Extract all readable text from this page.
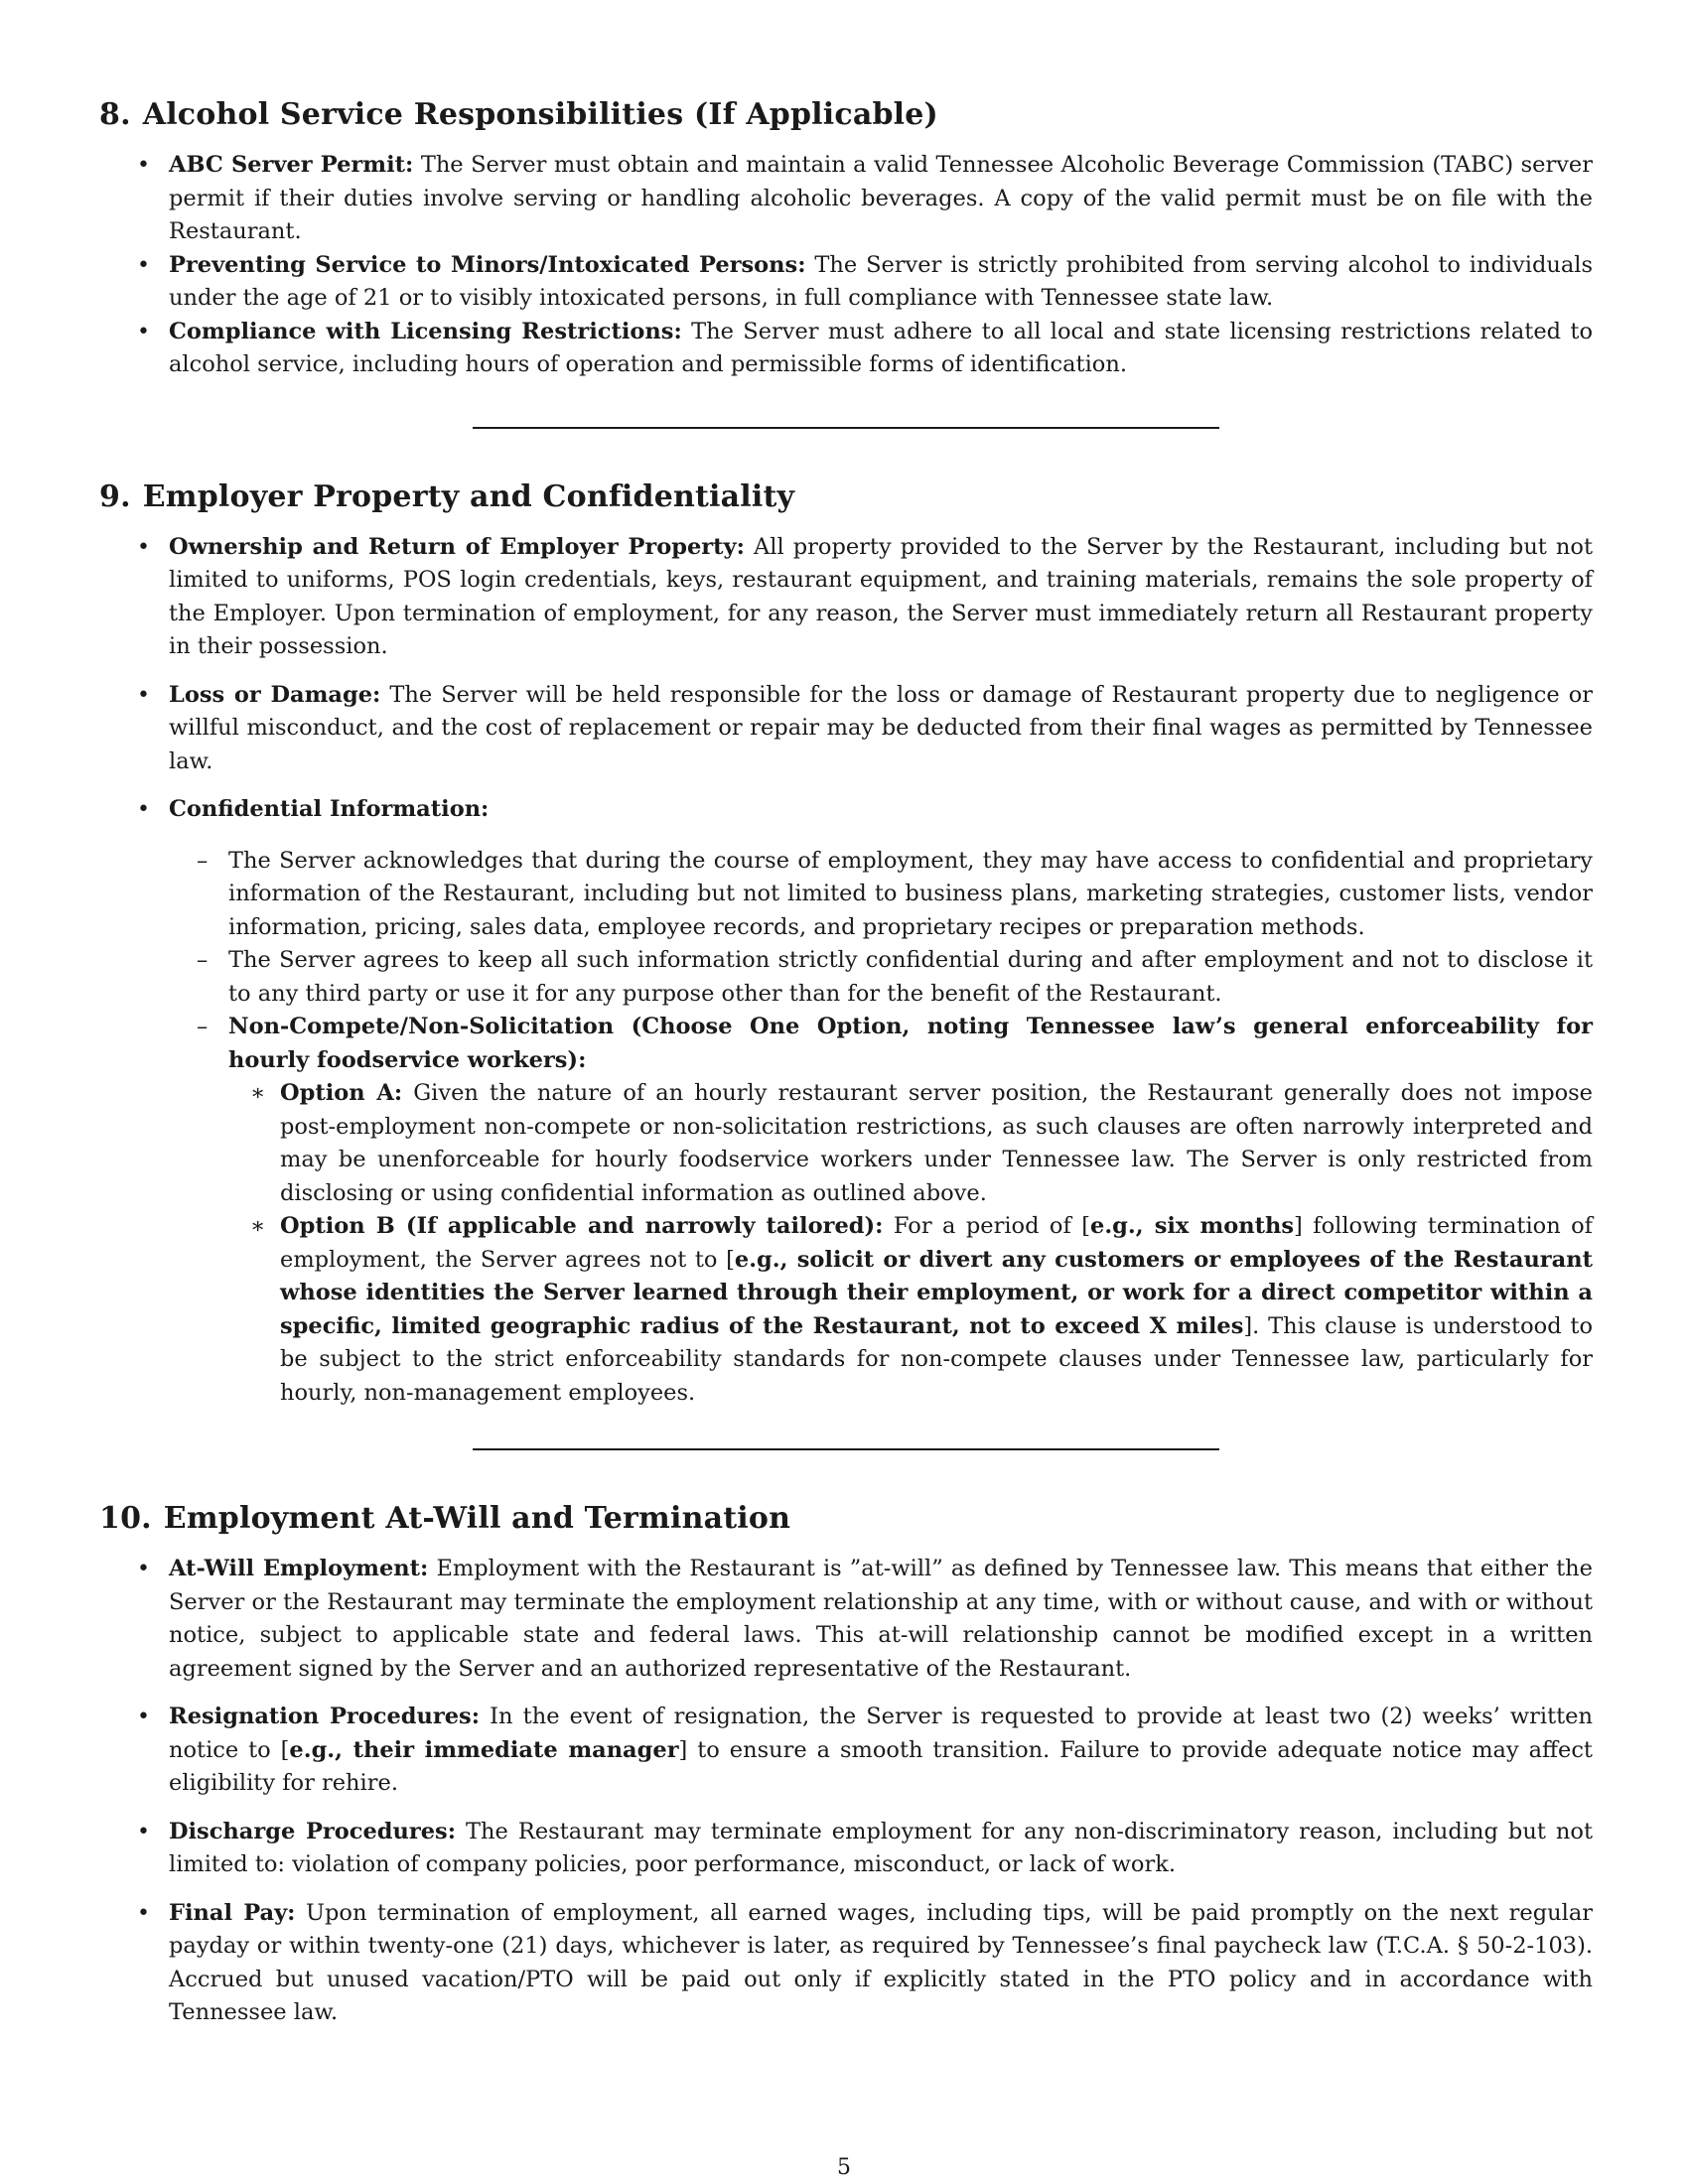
8. Alcohol Service Responsibilities (If Applicable)
• ABC Server Permit: The Server must obtain and maintain a valid Tennessee Alcoholic Beverage Commission (TABC) server permit if their duties involve serving or handling alcoholic beverages. A copy of the valid permit must be on file with the Restaurant.
• Preventing Service to Minors/Intoxicated Persons: The Server is strictly prohibited from serving alcohol to individuals under the age of 21 or to visibly intoxicated persons, in full compliance with Tennessee state law.
• Compliance with Licensing Restrictions: The Server must adhere to all local and state licensing restrictions related to alcohol service, including hours of operation and permissible forms of identification.
9. Employer Property and Confidentiality
• Ownership and Return of Employer Property: All property provided to the Server by the Restaurant, including but not limited to uniforms, POS login credentials, keys, restaurant equipment, and training materials, remains the sole property of the Employer. Upon termination of employment, for any reason, the Server must immediately return all Restaurant property in their possession.
• Loss or Damage: The Server will be held responsible for the loss or damage of Restaurant property due to negligence or willful misconduct, and the cost of replacement or repair may be deducted from their final wages as permitted by Tennessee law.
• Confidential Information:
– The Server acknowledges that during the course of employment, they may have access to confidential and proprietary information of the Restaurant, including but not limited to business plans, marketing strategies, customer lists, vendor information, pricing, sales data, employee records, and proprietary recipes or preparation methods.
– The Server agrees to keep all such information strictly confidential during and after employment and not to disclose it to any third party or use it for any purpose other than for the benefit of the Restaurant.
– Non-Compete/Non-Solicitation (Choose One Option, noting Tennessee law’s general enforceability for hourly foodservice workers):
∗ Option A: Given the nature of an hourly restaurant server position, the Restaurant generally does not impose post-employment non-compete or non-solicitation restrictions, as such clauses are often narrowly interpreted and may be unenforceable for hourly foodservice workers under Tennessee law. The Server is only restricted from disclosing or using confidential information as outlined above.
∗ Option B (If applicable and narrowly tailored): For a period of [e.g., six months] following termination of employment, the Server agrees not to [e.g., solicit or divert any customers or employees of the Restaurant whose identities the Server learned through their employment, or work for a direct competitor within a specific, limited geographic radius of the Restaurant, not to exceed X miles]. This clause is understood to be subject to the strict enforceability standards for non-compete clauses under Tennessee law, particularly for hourly, non-management employees.
10. Employment At-Will and Termination
• At-Will Employment: Employment with the Restaurant is ”at-will” as defined by Tennessee law. This means that either the Server or the Restaurant may terminate the employment relationship at any time, with or without cause, and with or without notice, subject to applicable state and federal laws. This at-will relationship cannot be modified except in a written agreement signed by the Server and an authorized representative of the Restaurant.
• Resignation Procedures: In the event of resignation, the Server is requested to provide at least two (2) weeks’ written notice to [e.g., their immediate manager] to ensure a smooth transition. Failure to provide adequate notice may affect eligibility for rehire.
• Discharge Procedures: The Restaurant may terminate employment for any non-discriminatory reason, including but not limited to: violation of company policies, poor performance, misconduct, or lack of work.
• Final Pay: Upon termination of employment, all earned wages, including tips, will be paid promptly on the next regular payday or within twenty-one (21) days, whichever is later, as required by Tennessee’s final paycheck law (T.C.A. § 50-2-103). Accrued but unused vacation/PTO will be paid out only if explicitly stated in the PTO policy and in accordance with Tennessee law.
5
